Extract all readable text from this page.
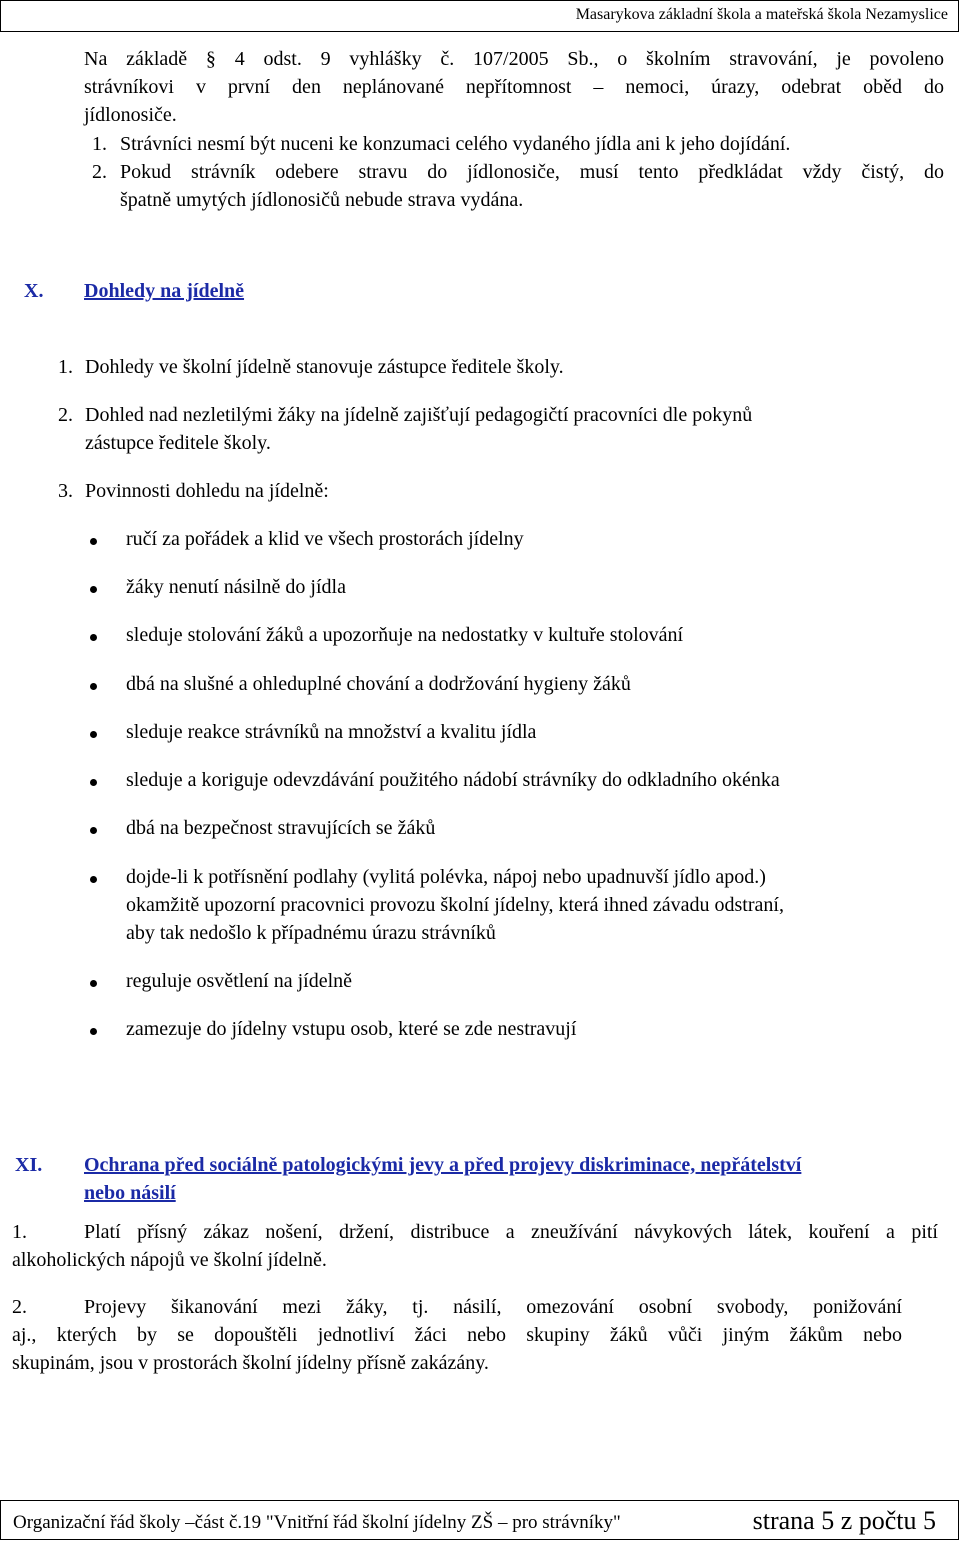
Masarykova základní škola a mateřská škola Nezamyslice
Na základě § 4 odst. 9 vyhlášky č. 107/2005 Sb., o školním stravování, je povoleno
strávníkovi v první den neplánované nepřítomnost – nemoci, úrazy, odebrat oběd do
jídlonosiče.
1. Strávníci nesmí být nuceni ke konzumaci celého vydaného jídla ani k jeho dojídání.
2. Pokud strávník odebere stravu do jídlonosiče, musí tento předkládat vždy čistý, do
špatně umytých jídlonosičů nebude strava vydána.
X. Dohledy na jídelně
1. Dohledy ve školní jídelně stanovuje zástupce ředitele školy.
2. Dohled nad nezletilými žáky na jídelně zajišťují pedagogičtí pracovníci dle pokynů
zástupce ředitele školy.
3. Povinnosti dohledu na jídelně:
ručí za pořádek a klid ve všech prostorách jídelny
žáky nenutí násilně do jídla
sleduje stolování žáků a upozorňuje na nedostatky v kultuře stolování
dbá na slušné a ohleduplné chování a dodržování hygieny žáků
sleduje reakce strávníků na množství a kvalitu jídla
sleduje a koriguje odevzdávání použitého nádobí strávníky do odkladního okénka
dbá na bezpečnost stravujících se žáků
dojde-li k potřísnění podlahy (vylitá polévka, nápoj nebo upadnuvší jídlo apod.)
okamžitě upozorní pracovnici provozu školní jídelny, která ihned závadu odstraní,
aby tak nedošlo k případnému úrazu strávníků
reguluje osvětlení na jídelně
zamezuje do jídelny vstupu osob, které se zde nestravují
XI. Ochrana před sociálně patologickými jevy a před projevy diskriminace, nepřátelství
nebo násilí
1.	Platí přísný zákaz nošení, držení, distribuce a zneužívání návykových látek, kouření a pití
alkoholických nápojů ve školní jídelně.
2.	Projevy šikanování mezi žáky, tj. násilí, omezování osobní svobody, ponižování
aj., kterých by se dopouštěli jednotliví žáci nebo skupiny žáků vůči jiným žákům nebo
skupinám, jsou v prostorách školní jídelny přísně zakázány.
Organizační řád školy –část č.19 "Vnitřní řád školní jídelny ZŠ – pro strávníky"	strana 5 z počtu 5
